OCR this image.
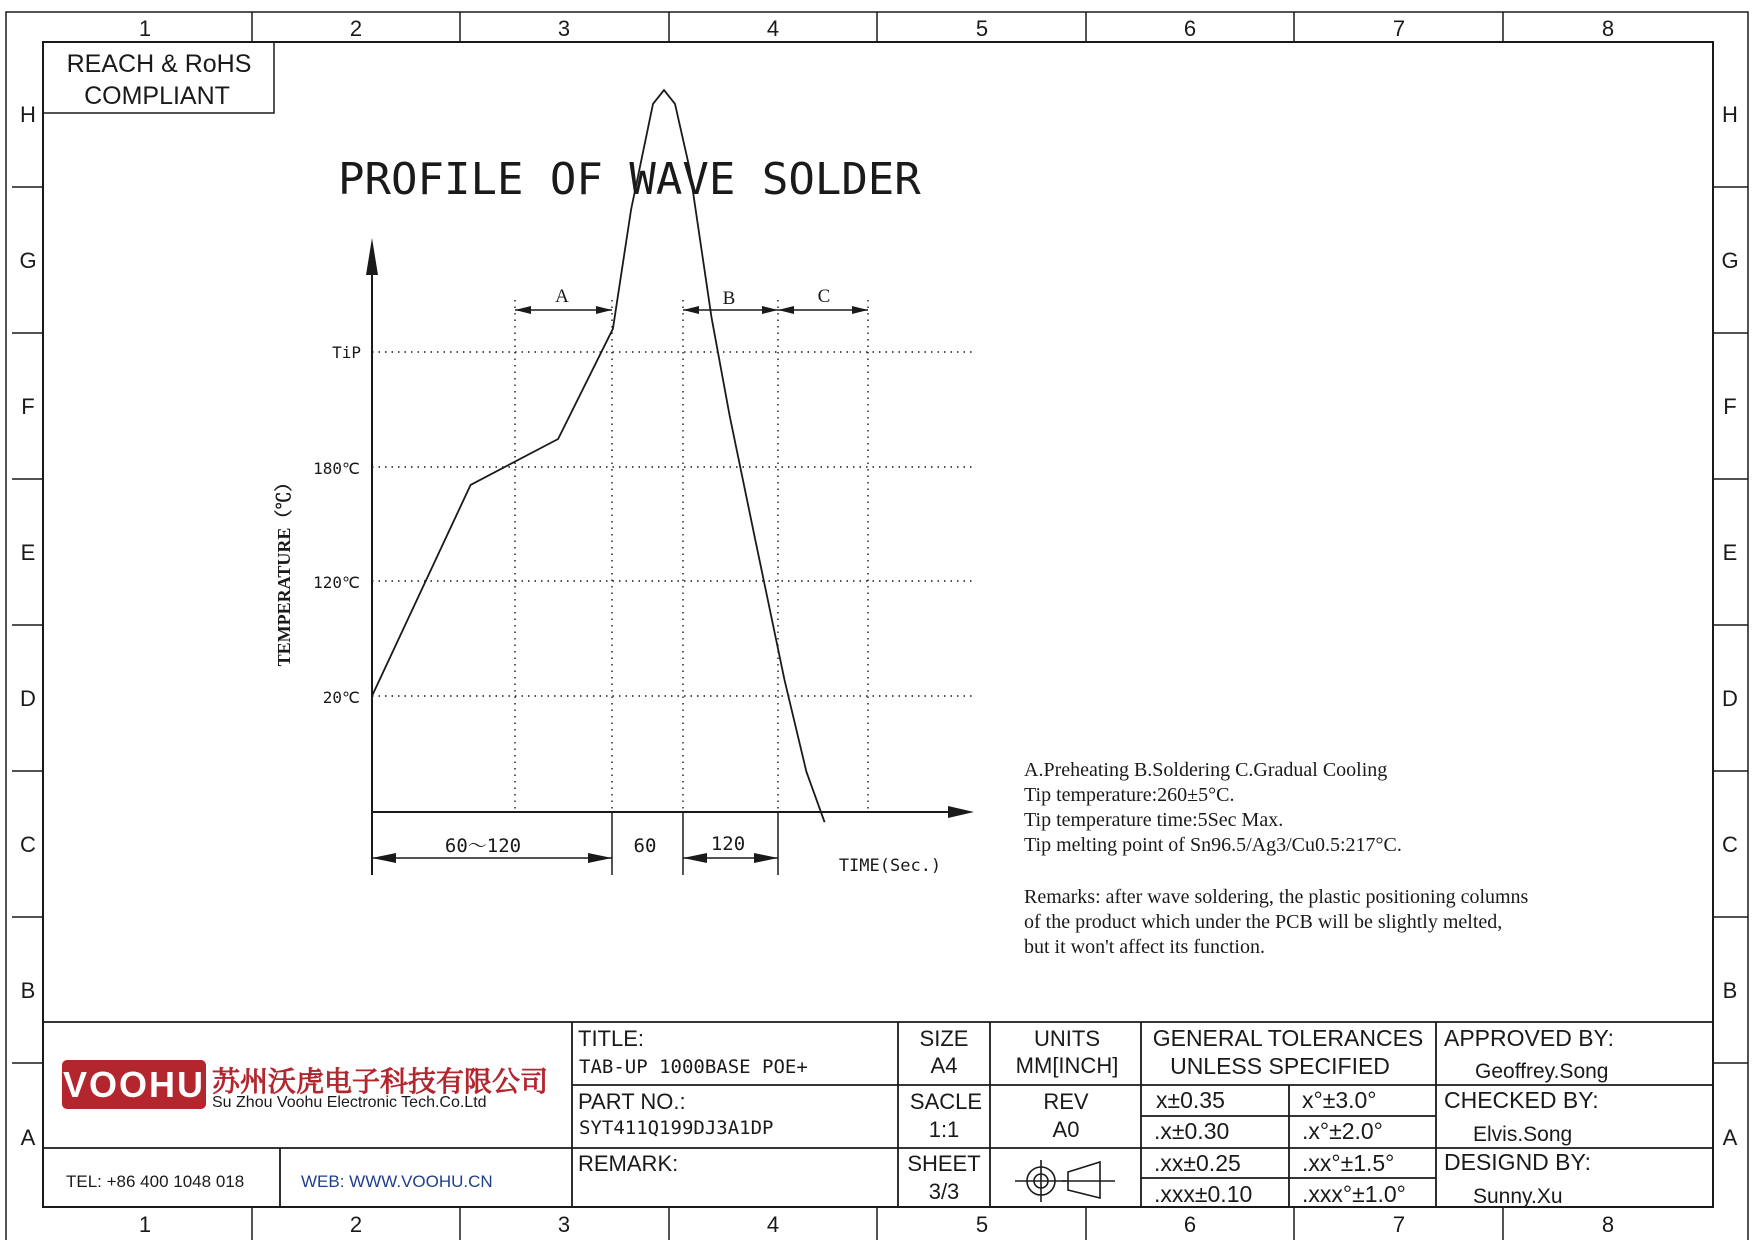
1	2	3	4	5	6	7	8
1	2	3	4	5	6	7	8
H
G
F
E
D
C
B
A
H
G
F
E
D
C
B
A
REACH & RoHS
COMPLIANT
PROFILE OF WAVE SOLDER
TiP
180℃
120℃
20℃
TEMPERATURE（℃）
A	B	C
60～120	60	120
TIME(Sec.)
A.Preheating B.Soldering C.Gradual Cooling
Tip temperature:260±5°C.
Tip temperature time:5Sec Max.
Tip melting point of Sn96.5/Ag3/Cu0.5:217°C.
Remarks: after wave soldering, the plastic positioning columns
of the product which under the PCB will be slightly melted,
but it won't affect its function.
VOOHU 苏州沃虎电子科技有限公司
Su Zhou Voohu Electronic Tech.Co.Ltd
TEL: +86 400 1048 018	WEB: WWW.VOOHU.CN
TITLE:
TAB-UP 1000BASE POE+
PART NO.:
SYT411Q199DJ3A1DP
REMARK:
SIZE
A4
SACLE
1:1
SHEET
3/3
UNITS
MM[INCH]
REV
A0
GENERAL TOLERANCES
UNLESS SPECIFIED
x±0.35	x°±3.0°
.x±0.30	.x°±2.0°
.xx±0.25	.xx°±1.5°
.xxx±0.10 .xxx°±1.0°
APPROVED BY:
Geoffrey.Song
CHECKED BY:
Elvis.Song
DESIGND BY:
Sunny.Xu
